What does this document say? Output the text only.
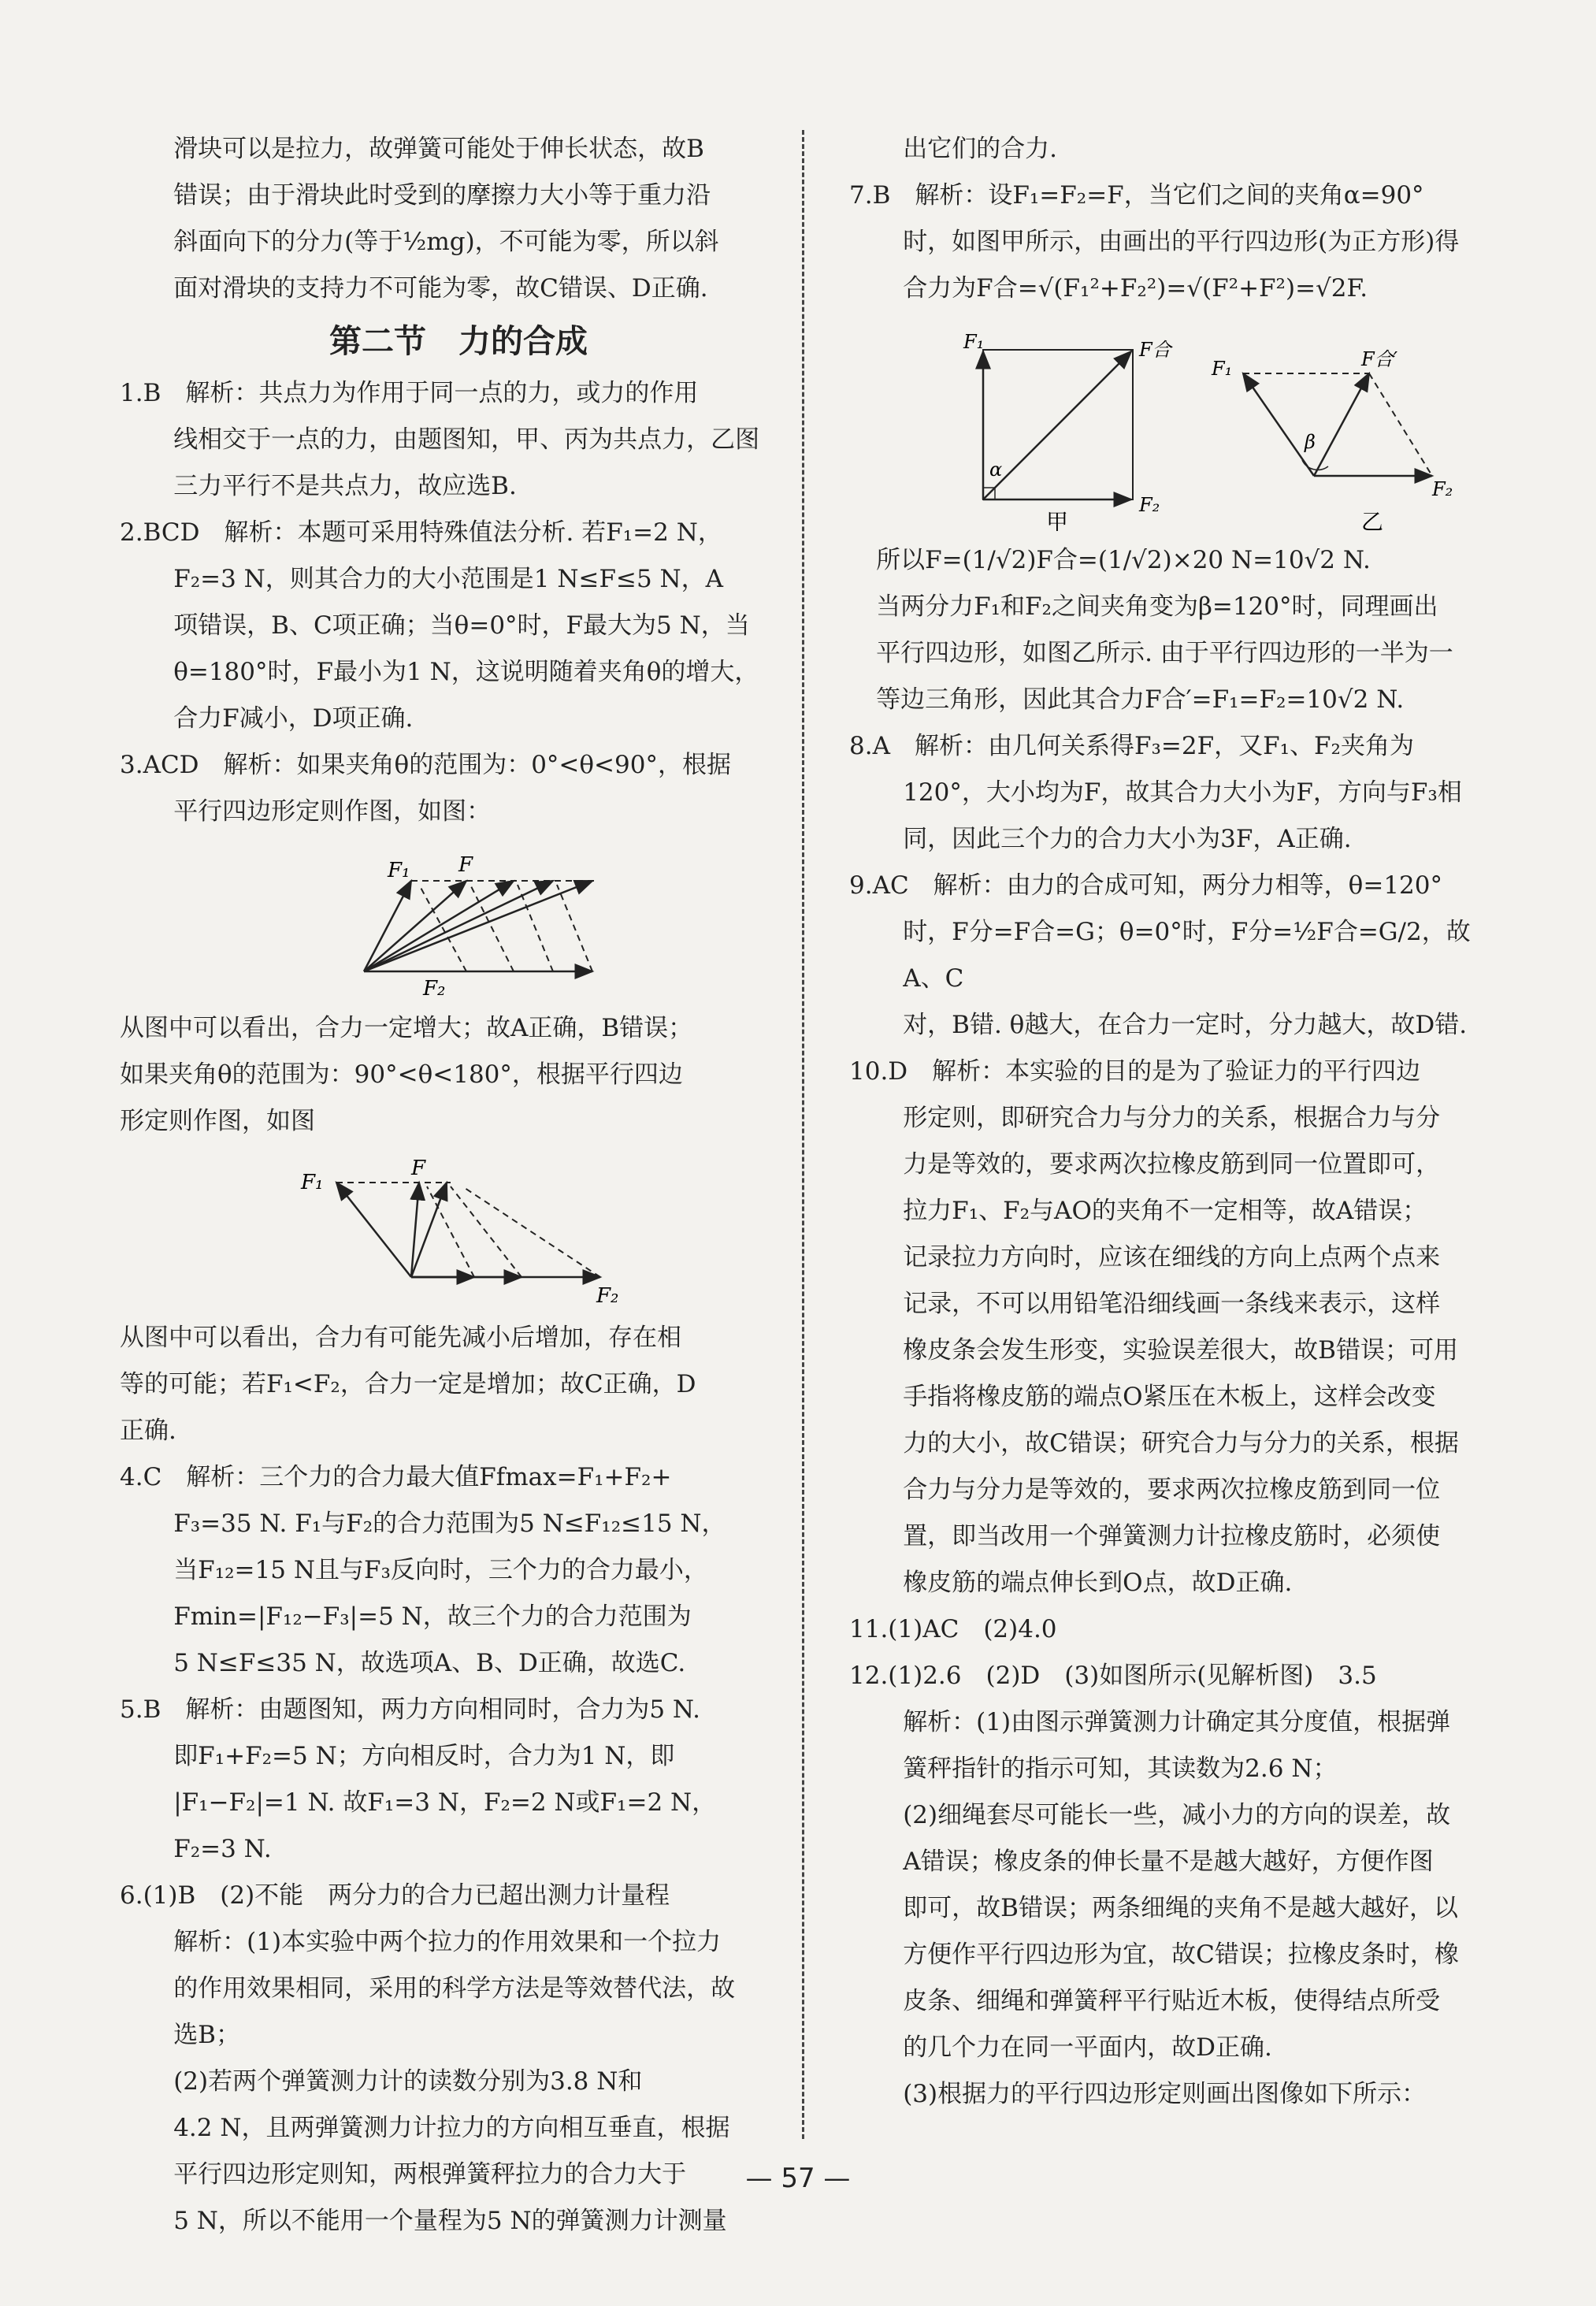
滑块可以是拉力，故弹簧可能处于伸长状态，故B

错误；由于滑块此时受到的摩擦力大小等于重力沿

斜面向下的分力(等于½mg)，不可能为零，所以斜

面对滑块的支持力不可能为零，故C错误、D正确.

第二节　力的合成

1.B　解析：共点力为作用于同一点的力，或力的作用

线相交于一点的力，由题图知，甲、丙为共点力，乙图

三力平行不是共点力，故应选B.

2.BCD　解析：本题可采用特殊值法分析. 若F₁=2 N，

F₂=3 N，则其合力的大小范围是1 N≤F≤5 N，A

项错误，B、C项正确；当θ=0°时，F最大为5 N，当

θ=180°时，F最小为1 N，这说明随着夹角θ的增大，

合力F减小，D项正确.

3.ACD　解析：如果夹角θ的范围为：0°<θ<90°，根据

平行四边形定则作图，如图：

F₁ F
F₂

从图中可以看出，合力一定增大；故A正确，B错误；

如果夹角θ的范围为：90°<θ<180°，根据平行四边

形定则作图，如图

F₁
F
F₂

从图中可以看出，合力有可能先减小后增加，存在相

等的可能；若F₁<F₂，合力一定是增加；故C正确，D

正确.

4.C　解析：三个力的合力最大值Ffmax=F₁+F₂+

F₃=35 N. F₁与F₂的合力范围为5 N≤F₁₂≤15 N，

当F₁₂=15 N且与F₃反向时，三个力的合力最小，

Fmin=|F₁₂−F₃|=5 N，故三个力的合力范围为

5 N≤F≤35 N，故选项A、B、D正确，故选C.

5.B　解析：由题图知，两力方向相同时，合力为5 N.

即F₁+F₂=5 N；方向相反时，合力为1 N，即

|F₁−F₂|=1 N. 故F₁=3 N，F₂=2 N或F₁=2 N，

F₂=3 N.

6.(1)B　(2)不能　两分力的合力已超出测力计量程

解析：(1)本实验中两个拉力的作用效果和一个拉力

的作用效果相同，采用的科学方法是等效替代法，故

选B；

(2)若两个弹簧测力计的读数分别为3.8 N和

4.2 N，且两弹簧测力计拉力的方向相互垂直，根据

平行四边形定则知，两根弹簧秤拉力的合力大于

5 N，所以不能用一个量程为5 N的弹簧测力计测量

出它们的合力.

7.B　解析：设F₁=F₂=F，当它们之间的夹角α=90°

时，如图甲所示，由画出的平行四边形(为正方形)得

合力为F合=√(F₁²+F₂²)=√(F²+F²)=√2F.

F₁	F合
F₂
α
甲
F₁	F合′
F₂
β
乙

所以F=(1/√2)F合=(1/√2)×20 N=10√2 N.

当两分力F₁和F₂之间夹角变为β=120°时，同理画出

平行四边形，如图乙所示. 由于平行四边形的一半为一

等边三角形，因此其合力F合′=F₁=F₂=10√2 N.

8.A　解析：由几何关系得F₃=2F，又F₁、F₂夹角为

120°，大小均为F，故其合力大小为F，方向与F₃相

同，因此三个力的合力大小为3F，A正确.

9.AC　解析：由力的合成可知，两分力相等，θ=120°

时，F分=F合=G；θ=0°时，F分=½F合=G/2，故A、C

对，B错. θ越大，在合力一定时，分力越大，故D错.

10.D　解析：本实验的目的是为了验证力的平行四边

形定则，即研究合力与分力的关系，根据合力与分

力是等效的，要求两次拉橡皮筋到同一位置即可，

拉力F₁、F₂与AO的夹角不一定相等，故A错误；

记录拉力方向时，应该在细线的方向上点两个点来

记录，不可以用铅笔沿细线画一条线来表示，这样

橡皮条会发生形变，实验误差很大，故B错误；可用

手指将橡皮筋的端点O紧压在木板上，这样会改变

力的大小，故C错误；研究合力与分力的关系，根据

合力与分力是等效的，要求两次拉橡皮筋到同一位

置，即当改用一个弹簧测力计拉橡皮筋时，必须使

橡皮筋的端点伸长到O点，故D正确.

11.(1)AC　(2)4.0

12.(1)2.6　(2)D　(3)如图所示(见解析图)　3.5

解析：(1)由图示弹簧测力计确定其分度值，根据弹

簧秤指针的指示可知，其读数为2.6 N；

(2)细绳套尽可能长一些，减小力的方向的误差，故

A错误；橡皮条的伸长量不是越大越好，方便作图

即可，故B错误；两条细绳的夹角不是越大越好，以

方便作平行四边形为宜，故C错误；拉橡皮条时，橡

皮条、细绳和弹簧秤平行贴近木板，使得结点所受

的几个力在同一平面内，故D正确.

(3)根据力的平行四边形定则画出图像如下所示：

— 57 —
